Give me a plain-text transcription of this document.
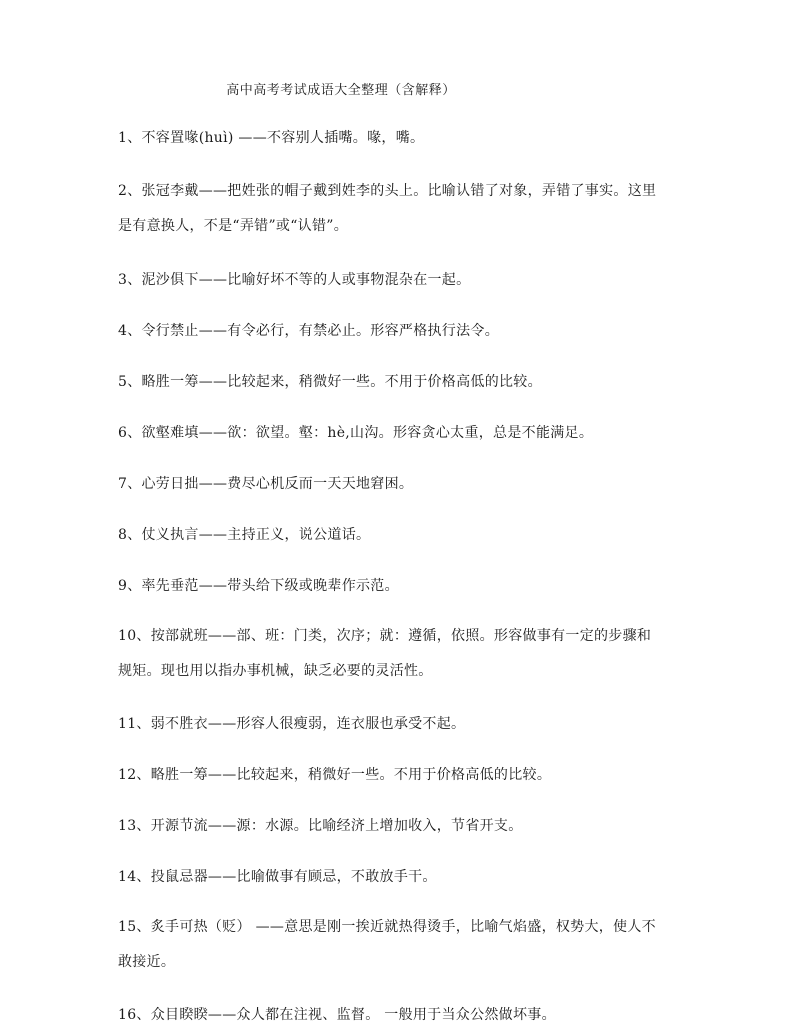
高中高考考试成语大全整理（含解释）
1、不容置喙(huì) ——不容别人插嘴。喙，嘴。
2、张冠李戴——把姓张的帽子戴到姓李的头上。比喻认错了对象，弄错了事实。这里
是有意换人，不是“弄错”或“认错”。
3、泥沙俱下——比喻好坏不等的人或事物混杂在一起。
4、令行禁止——有令必行，有禁必止。形容严格执行法令。
5、略胜一筹——比较起来，稍微好一些。不用于价格高低的比较。
6、欲壑难填——欲：欲望。壑：hè,山沟。形容贪心太重，总是不能满足。
7、心劳日拙——费尽心机反而一天天地窘困。
8、仗义执言——主持正义，说公道话。
9、率先垂范——带头给下级或晚辈作示范。
10、按部就班——部、班：门类，次序；就：遵循，依照。形容做事有一定的步骤和
规矩。现也用以指办事机械，缺乏必要的灵活性。
11、弱不胜衣——形容人很瘦弱，连衣服也承受不起。
12、略胜一筹——比较起来，稍微好一些。不用于价格高低的比较。
13、开源节流——源：水源。比喻经济上增加收入，节省开支。
14、投鼠忌器——比喻做事有顾忌，不敢放手干。
15、炙手可热（贬） ——意思是刚一挨近就热得烫手，比喻气焰盛，权势大，使人不
敢接近。
16、众目睽睽——众人都在注视、监督。 一般用于当众公然做坏事。
